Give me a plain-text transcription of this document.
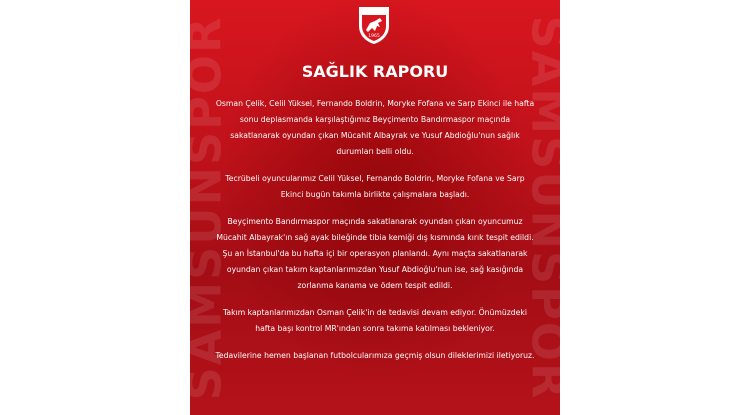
SAMSUNSPOR	SAMSUNSPOR
1965
SAĞLIK RAPORU

Osman Çelik, Celil Yüksel, Fernando Boldrin, Moryke Fofana ve Sarp Ekinci ile hafta sonu deplasmanda karşılaştığımız Beyçimento Bandırmaspor maçında sakatlanarak oyundan çıkan Mücahit Albayrak ve Yusuf Abdioğlu'nun sağlık durumları belli oldu.

Tecrübeli oyuncularımız Celil Yüksel, Fernando Boldrin, Moryke Fofana ve Sarp Ekinci bugün takımla birlikte çalışmalara başladı.

Beyçimento Bandırmaspor maçında sakatlanarak oyundan çıkan oyuncumuz Mücahit Albayrak'ın sağ ayak bileğinde tibia kemiği dış kısmında kırık tespit edildi. Şu an İstanbul'da bu hafta içi bir operasyon planlandı. Aynı maçta sakatlanarak oyundan çıkan takım kaptanlarımızdan Yusuf Abdioğlu'nun ise, sağ kasığında zorlanma kanama ve ödem tespit edildi.

Takım kaptanlarımızdan Osman Çelik'in de tedavisi devam ediyor. Önümüzdeki hafta başı kontrol MR'ından sonra takıma katılması bekleniyor.

Tedavilerine hemen başlanan futbolcularımıza geçmiş olsun dileklerimizi iletiyoruz.
